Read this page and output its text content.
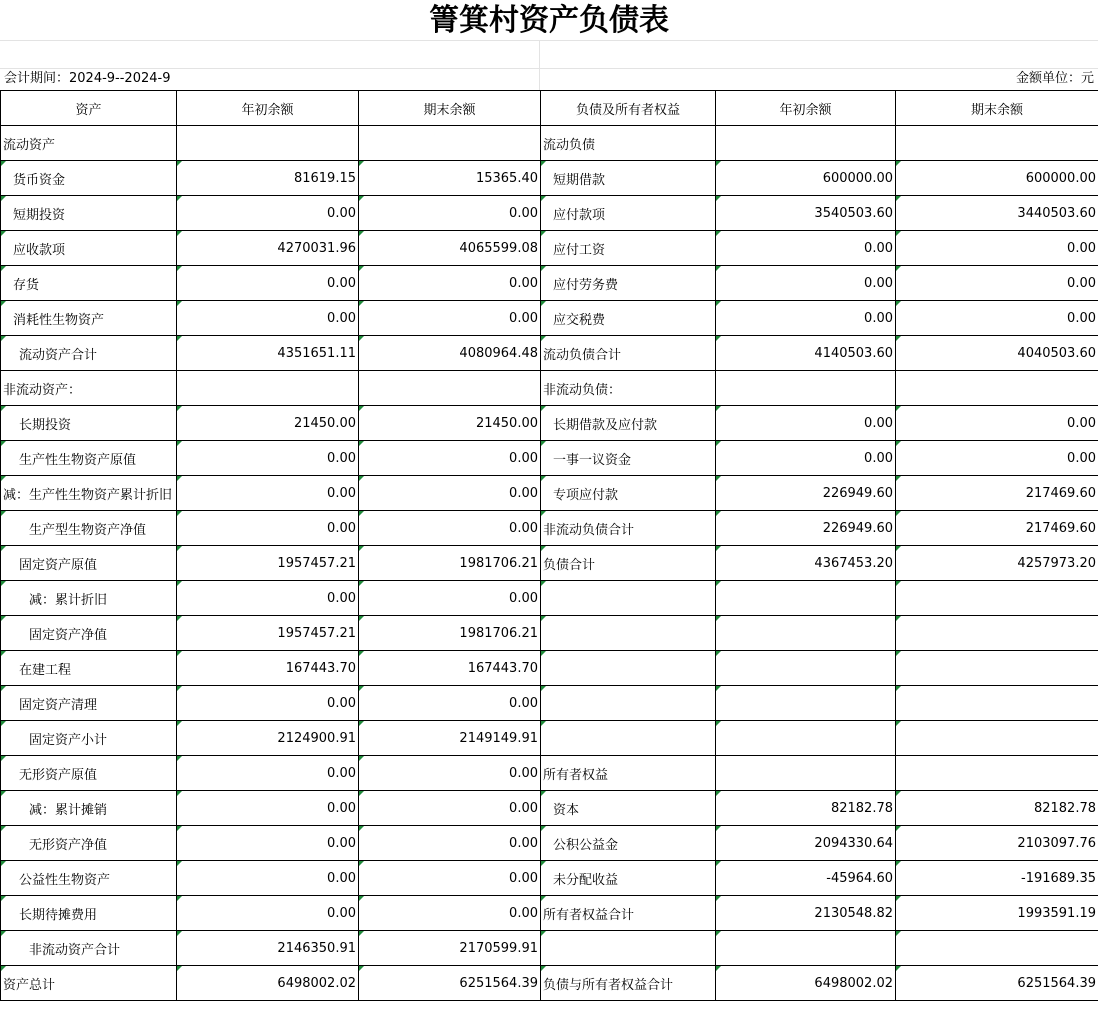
箐箕村资产负债表
会计期间：2024-9--2024-9	金额单位：元
资产	年初余额	期末余额	负债及所有者权益	年初余额	期末余额
流动资产			流动负债		
货币资金	81619.15	15365.40	短期借款	600000.00	600000.00
短期投资	0.00	0.00	应付款项	3540503.60	3440503.60
应收款项	4270031.96	4065599.08	应付工资	0.00	0.00
存货	0.00	0.00	应付劳务费	0.00	0.00
消耗性生物资产	0.00	0.00	应交税费	0.00	0.00
流动资产合计	4351651.11	4080964.48	流动负债合计	4140503.60	4040503.60
非流动资产：			非流动负债：		
长期投资	21450.00	21450.00	长期借款及应付款	0.00	0.00
生产性生物资产原值	0.00	0.00	一事一议资金	0.00	0.00
减：生产性生物资产累计折旧	0.00	0.00	专项应付款	226949.60	217469.60
生产型生物资产净值	0.00	0.00	非流动负债合计	226949.60	217469.60
固定资产原值	1957457.21	1981706.21	负债合计	4367453.20	4257973.20
减：累计折旧	0.00	0.00			
固定资产净值	1957457.21	1981706.21			
在建工程	167443.70	167443.70			
固定资产清理	0.00	0.00			
固定资产小计	2124900.91	2149149.91			
无形资产原值	0.00	0.00	所有者权益		
减：累计摊销	0.00	0.00	资本	82182.78	82182.78
无形资产净值	0.00	0.00	公积公益金	2094330.64	2103097.76
公益性生物资产	0.00	0.00	未分配收益	-45964.60	-191689.35
长期待摊费用	0.00	0.00	所有者权益合计	2130548.82	1993591.19
非流动资产合计	2146350.91	2170599.91			
资产总计	6498002.02	6251564.39	负债与所有者权益合计	6498002.02	6251564.39
